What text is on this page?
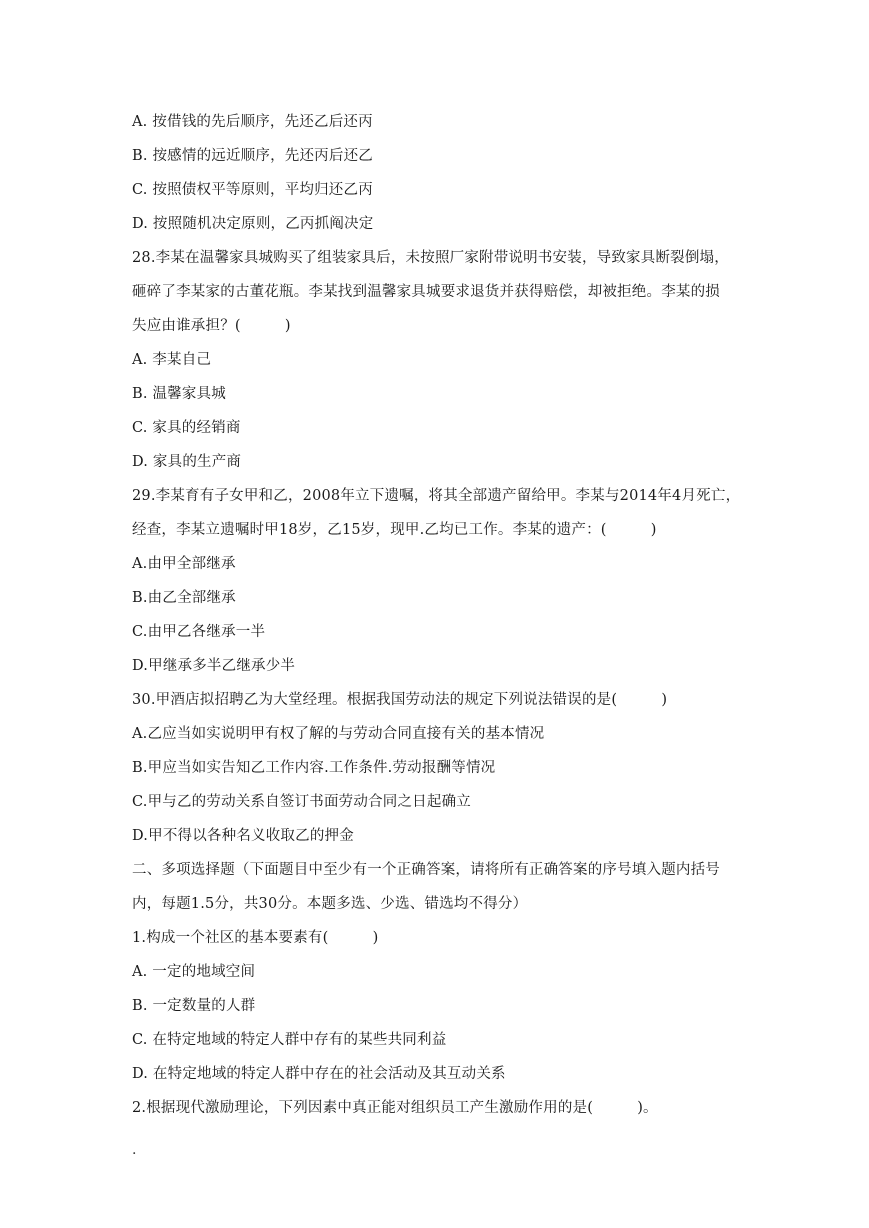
A. 按借钱的先后顺序，先还乙后还丙
B. 按感情的远近顺序，先还丙后还乙
C. 按照债权平等原则，平均归还乙丙
D. 按照随机决定原则，乙丙抓阄决定
28.李某在温馨家具城购买了组装家具后，未按照厂家附带说明书安装，导致家具断裂倒塌，
砸碎了李某家的古董花瓶。李某找到温馨家具城要求退货并获得赔偿，却被拒绝。李某的损
失应由谁承担？(　　　)
A. 李某自己
B. 温馨家具城
C. 家具的经销商
D. 家具的生产商
29.李某育有子女甲和乙，2008年立下遗嘱，将其全部遗产留给甲。李某与2014年4月死亡，
经查，李某立遗嘱时甲18岁，乙15岁，现甲.乙均已工作。李某的遗产：(　　　)
A.由甲全部继承
B.由乙全部继承
C.由甲乙各继承一半
D.甲继承多半乙继承少半
30.甲酒店拟招聘乙为大堂经理。根据我国劳动法的规定下列说法错误的是(　　　)
A.乙应当如实说明甲有权了解的与劳动合同直接有关的基本情况
B.甲应当如实告知乙工作内容.工作条件.劳动报酬等情况
C.甲与乙的劳动关系自签订书面劳动合同之日起确立
D.甲不得以各种名义收取乙的押金
二、多项选择题（下面题目中至少有一个正确答案，请将所有正确答案的序号填入题内括号
内，每题1.5分，共30分。本题多选、少选、错选均不得分）
1.构成一个社区的基本要素有(　　　)
A. 一定的地域空间
B. 一定数量的人群
C. 在特定地域的特定人群中存有的某些共同利益
D. 在特定地域的特定人群中存在的社会活动及其互动关系
2.根据现代激励理论，下列因素中真正能对组织员工产生激励作用的是(　　　)。
.
